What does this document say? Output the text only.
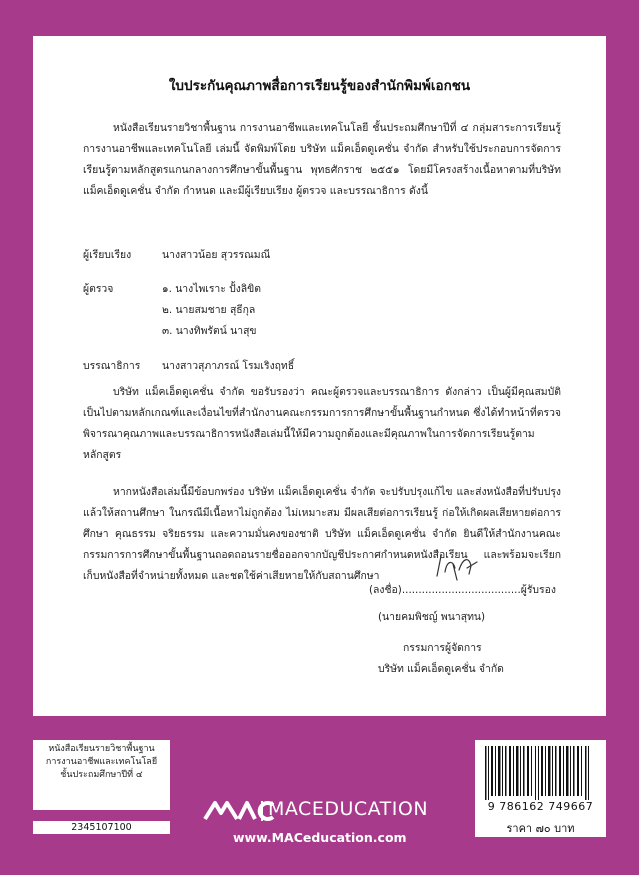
ใบประกันคุณภาพสื่อการเรียนรู้ของสำนักพิมพ์เอกชน

หนังสือเรียนรายวิชาพื้นฐาน การงานอาชีพและเทคโนโลยี ชั้นประถมศึกษาปีที่ ๔ กลุ่มสาระการเรียนรู้การงานอาชีพและเทคโนโลยี เล่มนี้ จัดพิมพ์โดย บริษัท แม็คเอ็ดดูเคชั่น จำกัด สำหรับใช้ประกอบการจัดการเรียนรู้ตามหลักสูตรแกนกลางการศึกษาขั้นพื้นฐาน พุทธศักราช ๒๕๕๑ โดยมีโครงสร้างเนื้อหาตามที่บริษัท แม็คเอ็ดดูเคชั่น จำกัด กำหนด และมีผู้เรียบเรียง ผู้ตรวจ และบรรณาธิการ ดังนี้

ผู้เรียบเรียง	นางสาวน้อย สุวรรณมณี
ผู้ตรวจ	๑. นางไพเราะ ปั้งลิขิต
๒. นายสมชาย สุธีกุล
๓. นางทิพรัตน์ นาสุข
บรรณาธิการ นางสาวสุภาภรณ์ โรมเริงฤทธิ์

บริษัท แม็คเอ็ดดูเคชั่น จำกัด ขอรับรองว่า คณะผู้ตรวจและบรรณาธิการ ดังกล่าว เป็นผู้มีคุณสมบัติเป็นไปตามหลักเกณฑ์และเงื่อนไขที่สำนักงานคณะกรรมการการศึกษาขั้นพื้นฐานกำหนด ซึ่งได้ทำหน้าที่ตรวจพิจารณาคุณภาพและบรรณาธิการหนังสือเล่มนี้ให้มีความถูกต้องและมีคุณภาพในการจัดการเรียนรู้ตามหลักสูตร

หากหนังสือเล่มนี้มีข้อบกพร่อง บริษัท แม็คเอ็ดดูเคชั่น จำกัด จะปรับปรุงแก้ไข และส่งหนังสือที่ปรับปรุงแล้วให้สถานศึกษา ในกรณีมีเนื้อหาไม่ถูกต้อง ไม่เหมาะสม มีผลเสียต่อการเรียนรู้ ก่อให้เกิดผลเสียหายต่อการศึกษา คุณธรรม จริยธรรม และความมั่นคงของชาติ บริษัท แม็คเอ็ดดูเคชั่น จำกัด ยินดีให้สำนักงานคณะกรรมการการศึกษาขั้นพื้นฐานถอดถอนรายชื่อออกจากบัญชีประกาศกำหนดหนังสือเรียน และพร้อมจะเรียกเก็บหนังสือที่จำหน่ายทั้งหมด และชดใช้ค่าเสียหายให้กับสถานศึกษา

(ลงชื่อ)....................................ผู้รับรอง
(นายคมพิชญ์ พนาสุทน)
กรรมการผู้จัดการ
บริษัท แม็คเอ็ดดูเคชั่น จำกัด
หนังสือเรียนรายวิชาพื้นฐาน
การงานอาชีพและเทคโนโลยี
ชั้นประถมศึกษาปีที่ ๔
2345107100
MACEDUCATION
www.MACeducation.com
9 786162 749667
ราคา ๗๐ บาท
